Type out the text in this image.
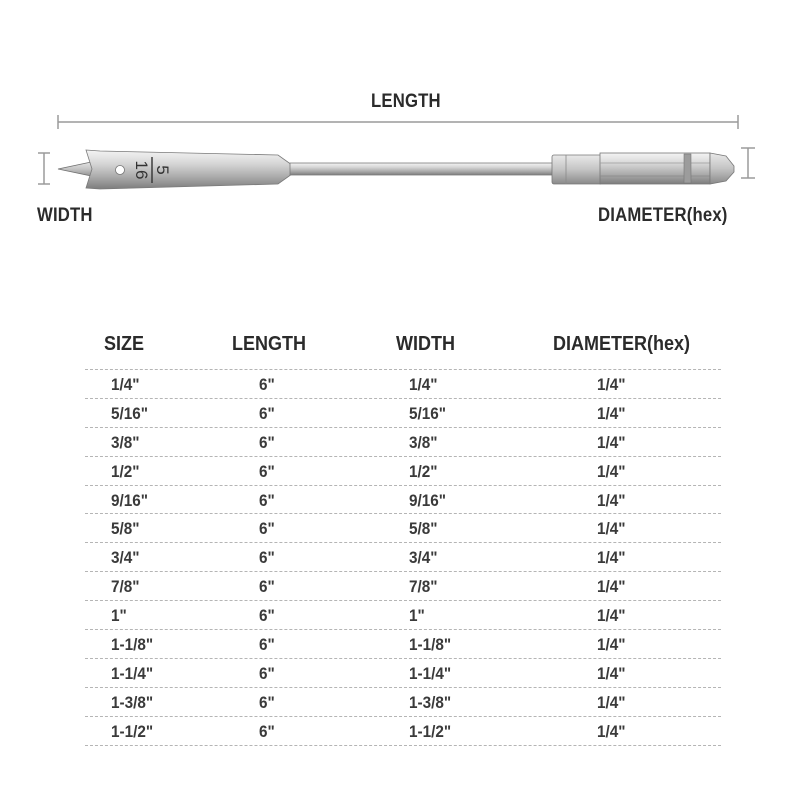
5
16
LENGTH
WIDTH	DIAMETER(hex)
SIZE	LENGTH	WIDTH	DIAMETER(hex)
1/4"	6"	1/4"	1/4"
5/16"	6"	5/16"	1/4"
3/8"	6"	3/8"	1/4"
1/2"	6"	1/2"	1/4"
9/16"	6"	9/16"	1/4"
5/8"	6"	5/8"	1/4"
3/4"	6"	3/4"	1/4"
7/8"	6"	7/8"	1/4"
1"	6"	1"	1/4"
1-1/8"	6"	1-1/8"	1/4"
1-1/4"	6"	1-1/4"	1/4"
1-3/8"	6"	1-3/8"	1/4"
1-1/2"	6"	1-1/2"	1/4"
